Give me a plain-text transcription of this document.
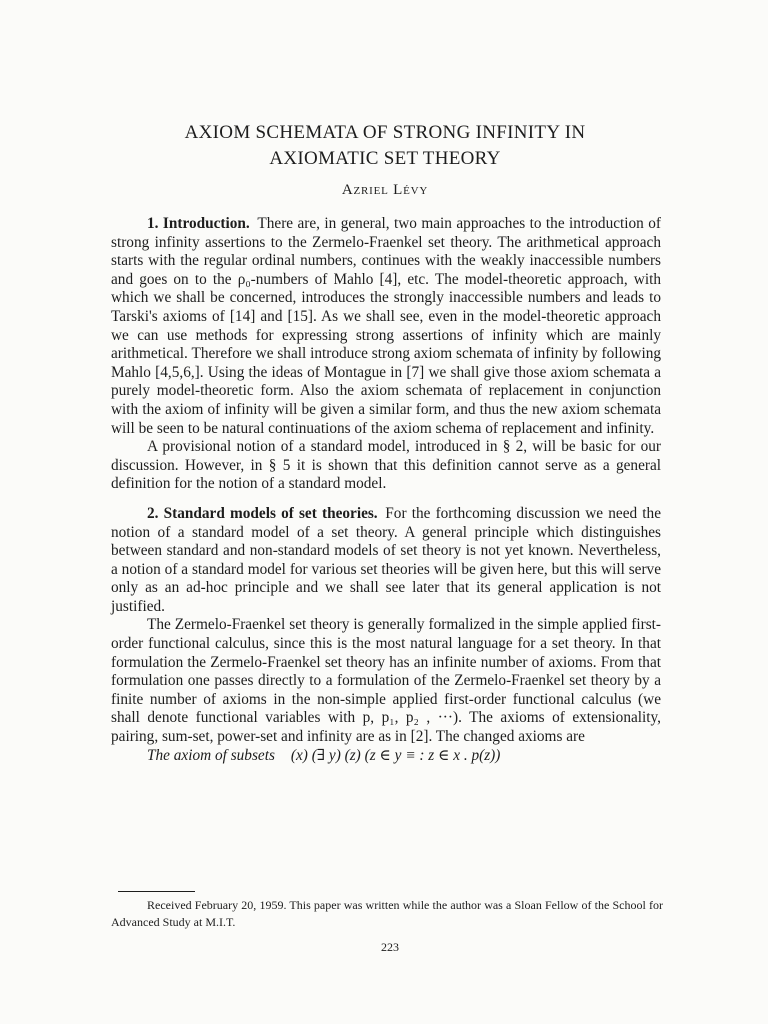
AXIOM SCHEMATA OF STRONG INFINITY IN
AXIOMATIC SET THEORY
Azriel Lévy

1. Introduction.  There are, in general, two main approaches to the introduction of strong infinity assertions to the Zermelo-Fraenkel set theory. The arithmetical approach starts with the regular ordinal numbers, continues with the weakly inaccessible numbers and goes on to the ρ₀-numbers of Mahlo [4], etc. The model-theoretic approach, with which we shall be concerned, introduces the strongly inaccessible numbers and leads to Tarski's axioms of [14] and [15]. As we shall see, even in the model-theoretic approach we can use methods for expressing strong assertions of infinity which are mainly arithmetical. Therefore we shall introduce strong axiom schemata of infinity by following Mahlo [4,5,6,]. Using the ideas of Montague in [7] we shall give those axiom schemata a purely model-theoretic form. Also the axiom schemata of replacement in conjunction with the axiom of infinity will be given a similar form, and thus the new axiom schemata will be seen to be natural continuations of the axiom schema of replacement and infinity.

A provisional notion of a standard model, introduced in § 2, will be basic for our discussion. However, in § 5 it is shown that this definition cannot serve as a general definition for the notion of a standard model.

2. Standard models of set theories.  For the forthcoming discussion we need the notion of a standard model of a set theory. A general principle which distinguishes between standard and non-standard models of set theory is not yet known. Nevertheless, a notion of a standard model for various set theories will be given here, but this will serve only as an ad-hoc principle and we shall see later that its general application is not justified.

The Zermelo-Fraenkel set theory is generally formalized in the simple applied first-order functional calculus, since this is the most natural language for a set theory. In that formulation the Zermelo-Fraenkel set theory has an infinite number of axioms. From that formulation one passes directly to a formulation of the Zermelo-Fraenkel set theory by a finite number of axioms in the non-simple applied first-order functional calculus (we shall denote functional variables with p, p₁, p₂ , ···). The axioms of extensionality, pairing, sum-set, power-set and infinity are as in [2]. The changed axioms are

The axiom of subsets (x) (∃ y) (z) (z ∈ y ≡ : z ∈ x . p(z))

Received February 20, 1959. This paper was written while the author was a Sloan Fellow of the School for Advanced Study at M.I.T.

223
